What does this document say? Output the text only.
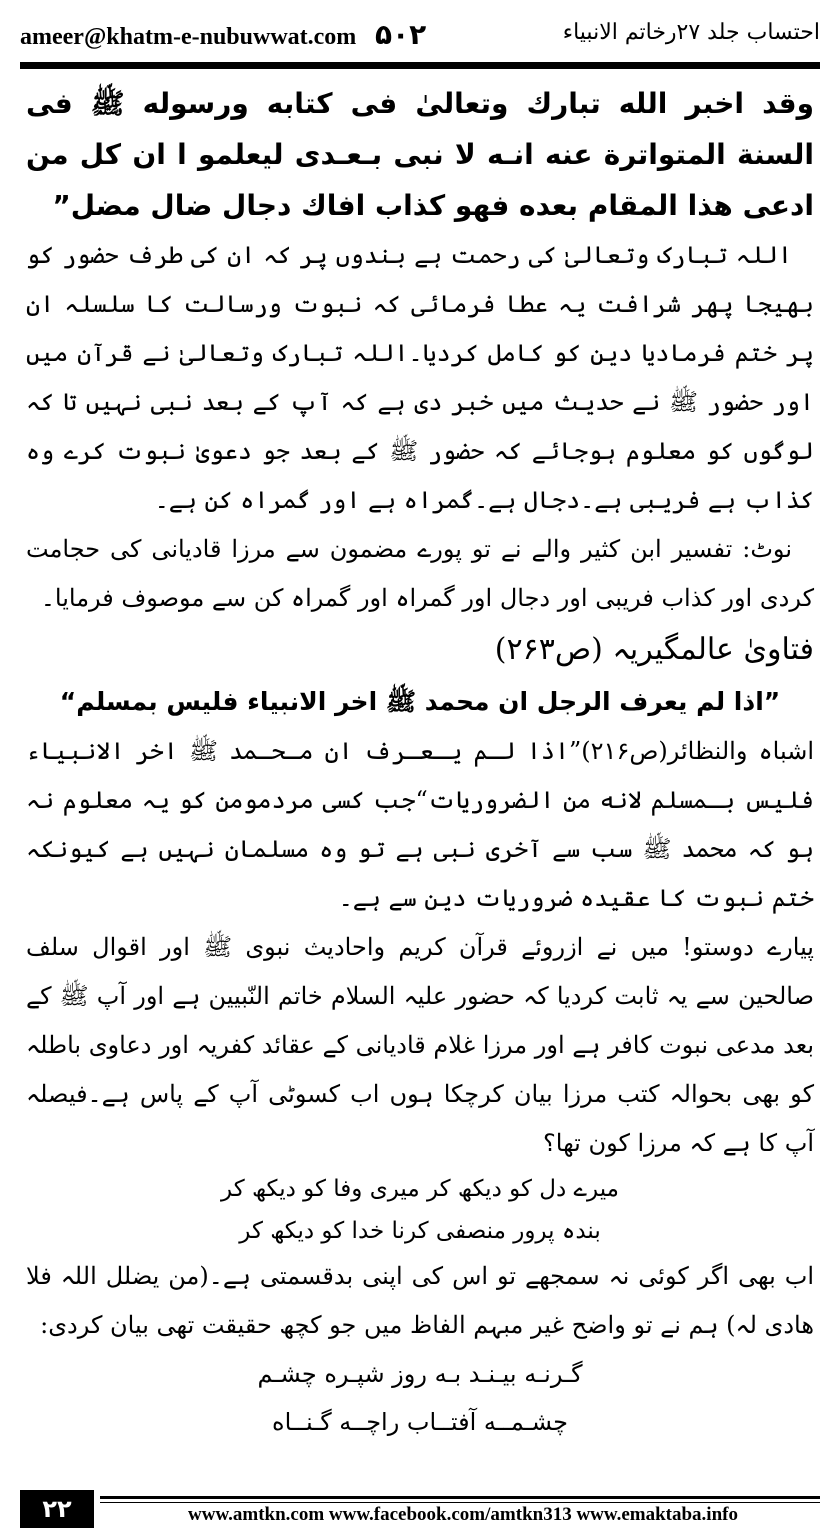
ameer@khatm-e-nubuwwat.com ۵۰۲	احتساب جلد ۲۷رخاتم الانبیاء

وقد اخبر الله تبارك وتعالىٰ فى كتابه ورسوله ﷺ فى السنة المتواترة عنه انـه لا نبى بـعـدى ليعلمو ا ان كل من ادعى هذا المقام بعده فهو كذاب افاك دجال ضال مضل”

اللہ تبارک وتعالیٰ کی رحمت ہے بندوں پر کہ ان کی طرف حضور کو بھیجا پھر شرافت یہ عطا فرمائی کہ نبوت ورسالت کا سلسلہ ان پر ختم فرمادیا دین کو کامل کردیا۔اللہ تبارک وتعالیٰ نے قرآن میں اور حضور ﷺ نے حدیث میں خبر دی ہے کہ آپ کے بعد نبی نہیں تا کہ لوگوں کو معلوم ہوجائے کہ حضور ﷺ کے بعد جو دعویٰ نبوت کرے وہ کذاب ہے فریبی ہے۔دجال ہے۔گمراہ ہے اور گمراہ کن ہے۔

نوٹ: تفسیر ابن کثیر والے نے تو پورے مضمون سے مرزا قادیانی کی حجامت کردی اور کذاب فریبی اور دجال اور گمراہ اور گمراہ کن سے موصوف فرمایا۔

فتاویٰ عالمگیریہ (ص۲۶۳)

”اذا لم يعرف الرجل ان محمد ﷺ اخر الانبياء فليس بمسلم“

اشباہ والنظائر(ص۲۱۶)”اذا لـم يـعـرف ان مـحـمد ﷺ اخر الانبياء فليس بـمسلم لانه من الضروريات“جب کسی مردمومن کو یہ معلوم نہ ہو کہ محمد ﷺ سب سے آخری نبی ہے تو وہ مسلمان نہیں ہے کیونکہ ختم نبوت کا عقیدہ ضروریات دین سے ہے۔

پیارے دوستو! میں نے ازروئے قرآن کریم واحادیث نبوی ﷺ اور اقوال سلف صالحین سے یہ ثابت کردیا کہ حضور علیہ السلام خاتم النّبیین ہے اور آپ ﷺ کے بعد مدعی نبوت کافر ہے اور مرزا غلام قادیانی کے عقائد کفریہ اور دعاوی باطلہ کو بھی بحوالہ کتب مرزا بیان کرچکا ہوں اب کسوٹی آپ کے پاس ہے۔فیصلہ آپ کا ہے کہ مرزا کون تھا؟

میرے دل کو دیکھ کر میری وفا کو دیکھ کر

بندہ پرور منصفی کرنا خدا کو دیکھ کر

اب بھی اگر کوئی نہ سمجھے تو اس کی اپنی بدقسمتی ہے۔(من یضلل اللہ فلا ھادی لہ) ہم نے تو واضح غیر مبہم الفاظ میں جو کچھ حقیقت تھی بیان کردی:

گـرنـه بيـنـد بـه روز شپـره چشـم

چشـمــه آفتــاب راچــه گـنــاه

۲۲	www.amtkn.com www.facebook.com/amtkn313 www.emaktaba.info
